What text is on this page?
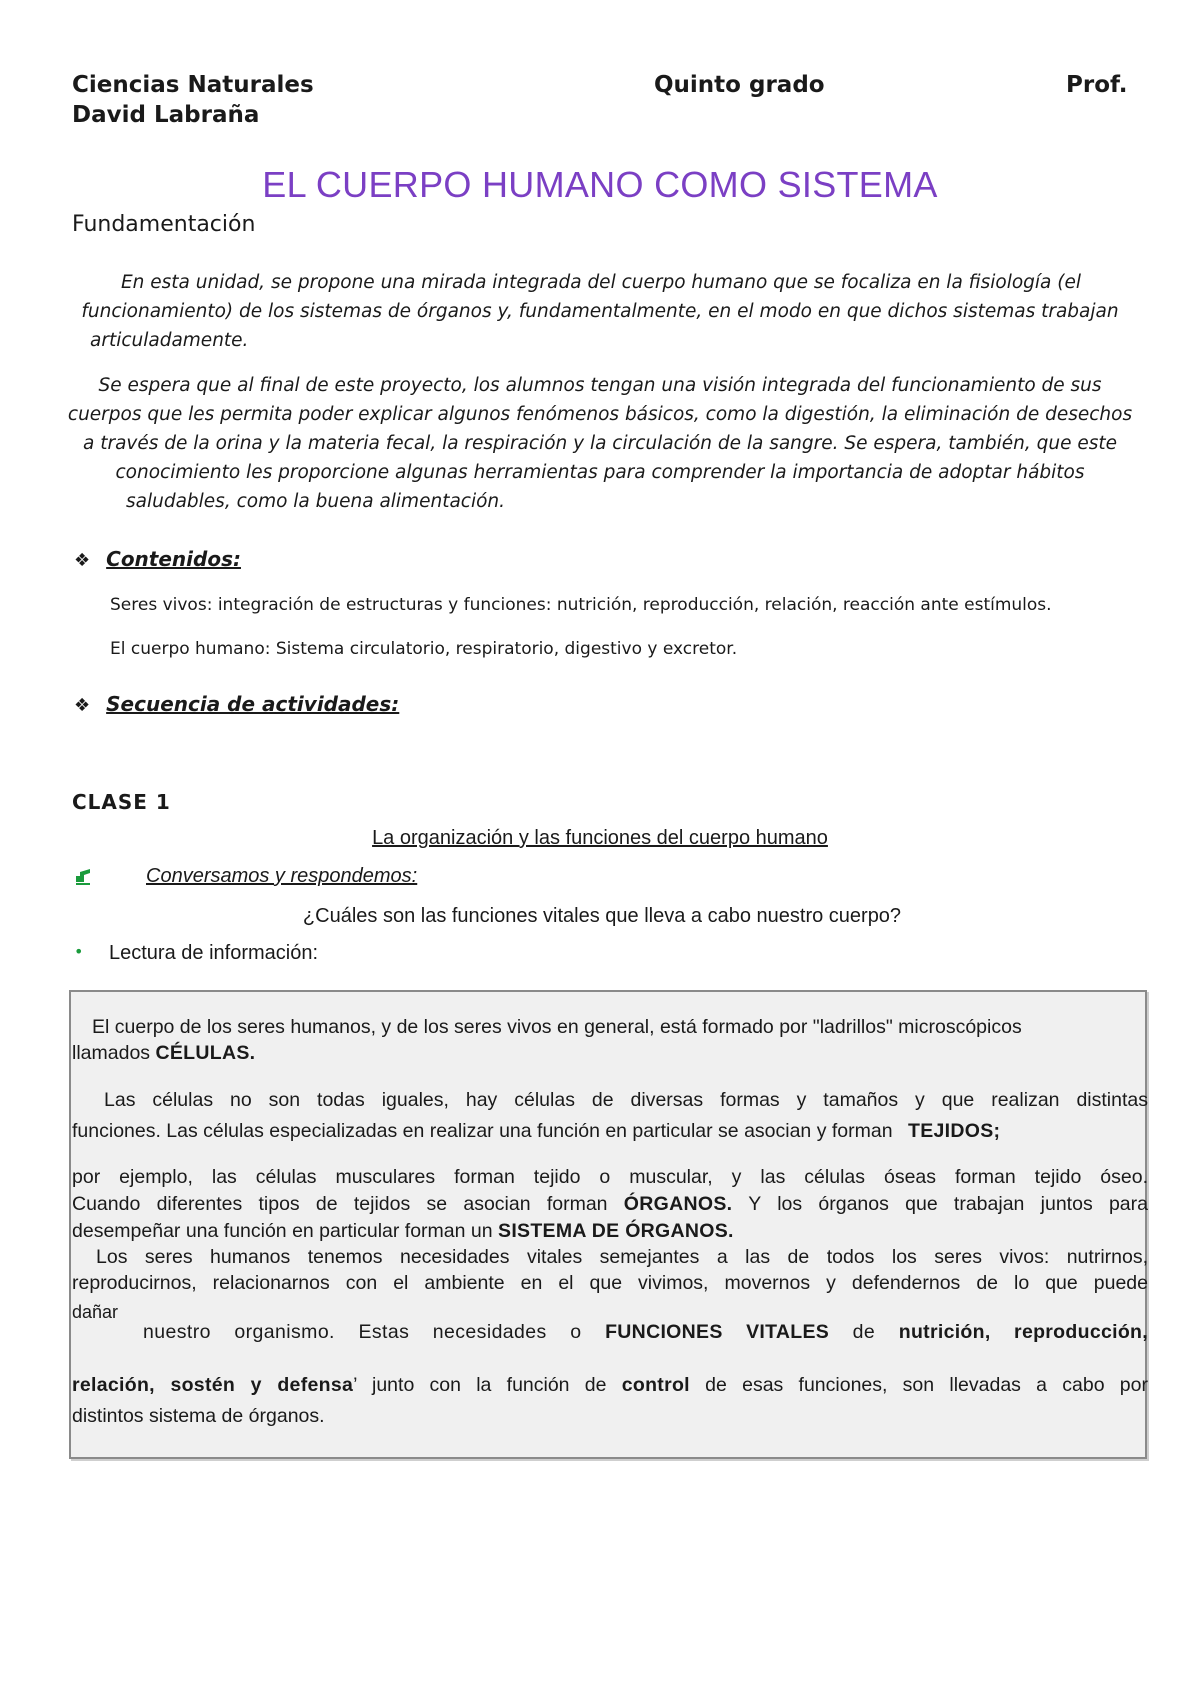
Ciencias Naturales	Quinto grado	Prof.
David Labraña
EL CUERPO HUMANO COMO SISTEMA
Fundamentación
En esta unidad, se propone una mirada integrada del cuerpo humano que se focaliza en la fisiología (el
funcionamiento) de los sistemas de órganos y, fundamentalmente, en el modo en que dichos sistemas trabajan
articuladamente.
Se espera que al final de este proyecto, los alumnos tengan una visión integrada del funcionamiento de sus
cuerpos que les permita poder explicar algunos fenómenos básicos, como la digestión, la eliminación de desechos
a través de la orina y la materia fecal, la respiración y la circulación de la sangre. Se espera, también, que este
conocimiento les proporcione algunas herramientas para comprender la importancia de adoptar hábitos
saludables, como la buena alimentación.
❖ Contenidos:
Seres vivos: integración de estructuras y funciones: nutrición, reproducción, relación, reacción ante estímulos.
El cuerpo humano: Sistema circulatorio, respiratorio, digestivo y excretor.
❖ Secuencia de actividades:
CLASE 1
La organización y las funciones del cuerpo humano
Conversamos y respondemos:
¿Cuáles son las funciones vitales que lleva a cabo nuestro cuerpo?
• Lectura de información:
El cuerpo de los seres humanos, y de los seres vivos en general, está formado por "ladrillos" microscópicos
llamados CÉLULAS.
Las células no son todas iguales, hay células de diversas formas y tamaños y que realizan distintas
funciones. Las células especializadas en realizar una función en particular se asocian y forman TEJIDOS;
por ejemplo, las células musculares forman tejido o muscular, y las células óseas forman tejido óseo.
Cuando diferentes tipos de tejidos se asocian forman ÓRGANOS. Y los órganos que trabajan juntos para
desempeñar una función en particular forman un SISTEMA DE ÓRGANOS.
Los seres humanos tenemos necesidades vitales semejantes a las de todos los seres vivos: nutrirnos,
reproducirnos, relacionarnos con el ambiente en el que vivimos, movernos y defendernos de lo que puede
dañar
nuestro organismo. Estas necesidades o FUNCIONES VITALES de nutrición, reproducción,
relación, sostén y defensa’ junto con la función de control de esas funciones, son llevadas a cabo por
distintos sistema de órganos.
